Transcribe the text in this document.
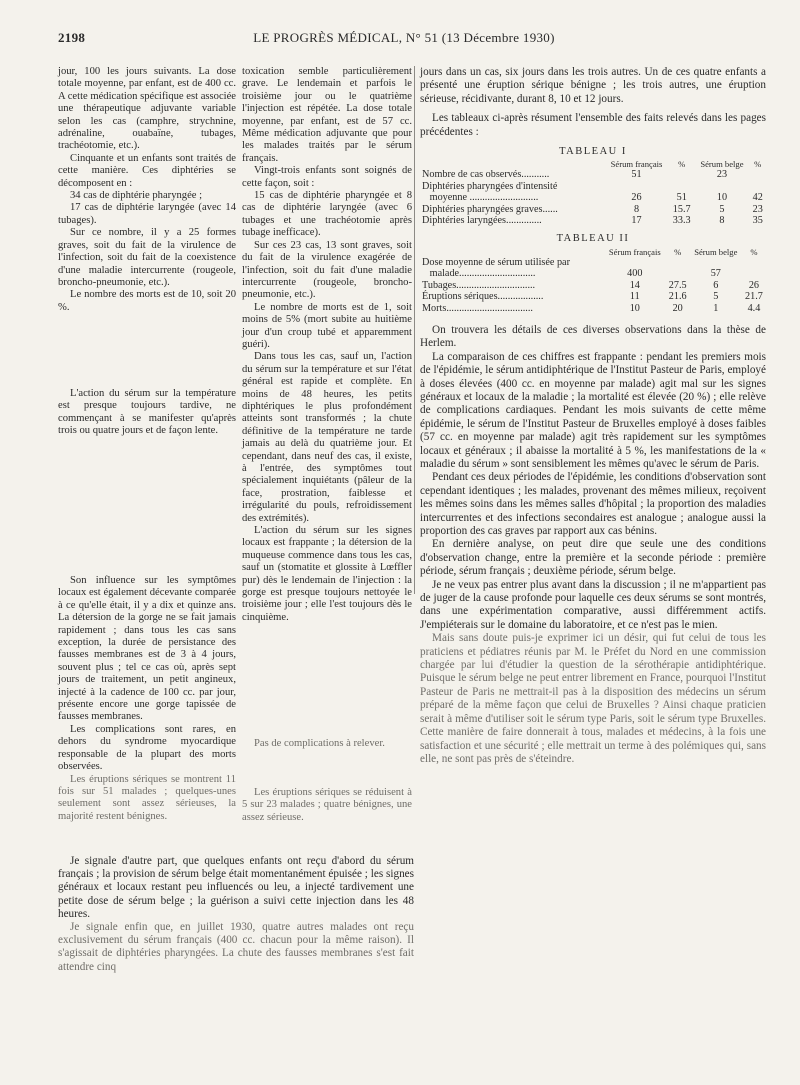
2198	LE PROGRÈS MÉDICAL, N° 51 (13 Décembre 1930)

jour, 100 les jours suivants. La dose totale moyenne, par enfant, est de 400 cc. A cette médication spécifique est associée une thérapeutique adjuvante variable selon les cas (camphre, strychnine, adrénaline, ouabaïne, tubages, trachéotomie, etc.).

Cinquante et un enfants sont traités de cette manière. Ces diphtéries se décomposent en :

34 cas de diphtérie pharyngée ;

17 cas de diphtérie laryngée (avec 14 tubages).

Sur ce nombre, il y a 25 formes graves, soit du fait de la virulence de l'infection, soit du fait de la coexistence d'une maladie intercurrente (rougeole, broncho-pneumonie, etc.).

Le nombre des morts est de 10, soit 20 %.

L'action du sérum sur la température est presque toujours tardive, ne commençant à se manifester qu'après trois ou quatre jours et de façon lente.

Son influence sur les symptômes locaux est également décevante comparée à ce qu'elle était, il y a dix et quinze ans. La détersion de la gorge ne se fait jamais rapidement ; dans tous les cas sans exception, la durée de persistance des fausses membranes est de 3 à 4 jours, souvent plus ; tel ce cas où, après sept jours de traitement, un petit angineux, injecté à la cadence de 100 cc. par jour, présente encore une gorge tapissée de fausses membranes.

Les complications sont rares, en dehors du syndrome myocardique responsable de la plupart des morts observées.

Les éruptions sériques se montrent 11 fois sur 51 malades ; quelques-unes seulement sont assez sérieuses, la majorité restent bénignes.

toxication semble particulièrement grave. Le lendemain et parfois le troisième jour ou le quatrième l'injection est répétée. La dose totale moyenne, par enfant, est de 57 cc. Même médication adjuvante que pour les malades traités par le sérum français.

Vingt-trois enfants sont soignés de cette façon, soit :

15 cas de diphtérie pharyngée et 8 cas de diphtérie laryngée (avec 6 tubages et une trachéotomie après tubage inefficace).

Sur ces 23 cas, 13 sont graves, soit du fait de la virulence exagérée de l'infection, soit du fait d'une maladie intercurrente (rougeole, broncho-pneumonie, etc.).

Le nombre de morts est de 1, soit moins de 5% (mort subite au huitième jour d'un croup tubé et apparemment guéri).

Dans tous les cas, sauf un, l'action du sérum sur la température et sur l'état général est rapide et complète. En moins de 48 heures, les petits diphtériques le plus profondément atteints sont transformés ; la chute définitive de la température ne tarde jamais au delà du quatrième jour. Et cependant, dans neuf des cas, il existe, à l'entrée, des symptômes tout spécialement inquiétants (pâleur de la face, prostration, faiblesse et irrégularité du pouls, refroidissement des extrémités).

L'action du sérum sur les signes locaux est frappante ; la détersion de la muqueuse commence dans tous les cas, sauf un (stomatite et glossite à Lœffler pur) dès le lendemain de l'injection : la gorge est presque toujours nettoyée le troisième jour ; elle l'est toujours dès le cinquième.

Pas de complications à relever.

Les éruptions sériques se réduisent à 5 sur 23 malades ; quatre bénignes, une assez sérieuse.

Je signale d'autre part, que quelques enfants ont reçu d'abord du sérum français ; la provision de sérum belge était momentanément épuisée ; les signes généraux et locaux restant peu influencés ou leu, a injecté tardivement une petite dose de sérum belge ; la guérison a suivi cette injection dans les 48 heures.

Je signale enfin que, en juillet 1930, quatre autres malades ont reçu exclusivement du sérum français (400 cc. chacun pour la même raison). Il s'agissait de diphtéries pharyngées. La chute des fausses membranes s'est fait attendre cinq

jours dans un cas, six jours dans les trois autres. Un de ces quatre enfants a présenté une éruption sérique bénigne ; les trois autres, une éruption sérieuse, récidivante, durant 8, 10 et 12 jours.

Les tableaux ci-après résument l'ensemble des faits relevés dans les pages précédentes :

TABLEAU I
	Sérum français	%	Sérum belge	%
Nombre de cas observés...........	51		23	
Diphtéries pharyngées d'intensité				
moyenne ...........................	26	51	10	42
Diphtéries pharyngées graves......	8	15.7	5	23
Diphtéries laryngées..............	17	33.3	8	35
TABLEAU II
	Sérum français	%	Sérum belge	%
Dose moyenne de sérum utilisée par				
malade..............................	400		57	
Tubages...............................	14	27.5	6	26
Éruptions sériques..................	11	21.6	5	21.7
Morts..................................	10	20	1	4.4

On trouvera les détails de ces diverses observations dans la thèse de Herlem.

La comparaison de ces chiffres est frappante : pendant les premiers mois de l'épidémie, le sérum antidiphtérique de l'Institut Pasteur de Paris, employé à doses élevées (400 cc. en moyenne par malade) agit mal sur les signes généraux et locaux de la maladie ; la mortalité est élevée (20 %) ; elle relève de complications cardiaques. Pendant les mois suivants de cette même épidémie, le sérum de l'Institut Pasteur de Bruxelles employé à doses faibles (57 cc. en moyenne par malade) agit très rapidement sur les symptômes locaux et généraux ; il abaisse la mortalité à 5 %, les manifestations de la « maladie du sérum » sont sensiblement les mêmes qu'avec le sérum de Paris.

Pendant ces deux périodes de l'épidémie, les conditions d'observation sont cependant identiques ; les malades, provenant des mêmes milieux, reçoivent les mêmes soins dans les mêmes salles d'hôpital ; la proportion des maladies intercurrentes et des infections secondaires est analogue ; analogue aussi la proportion des cas graves par rapport aux cas bénins.

En dernière analyse, on peut dire que seule une des conditions d'observation change, entre la première et la seconde période : première période, sérum français ; deuxième période, sérum belge.

Je ne veux pas entrer plus avant dans la discussion ; il ne m'appartient pas de juger de la cause profonde pour laquelle ces deux sérums se sont montrés, dans une expérimentation comparative, aussi différemment actifs. J'empiéterais sur le domaine du laboratoire, et ce n'est pas le mien.

Mais sans doute puis-je exprimer ici un désir, qui fut celui de tous les praticiens et pédiatres réunis par M. le Préfet du Nord en une commission chargée par lui d'étudier la question de la sérothérapie antidiphtérique. Puisque le sérum belge ne peut entrer librement en France, pourquoi l'Institut Pasteur de Paris ne mettrait-il pas à la disposition des médecins un sérum préparé de la même façon que celui de Bruxelles ? Ainsi chaque praticien serait à même d'utiliser soit le sérum type Paris, soit le sérum type Bruxelles. Cette manière de faire donnerait à tous, malades et médecins, à la fois une satisfaction et une sécurité ; elle mettrait un terme à des polémiques qui, sans elle, ne sont pas près de s'éteindre.
